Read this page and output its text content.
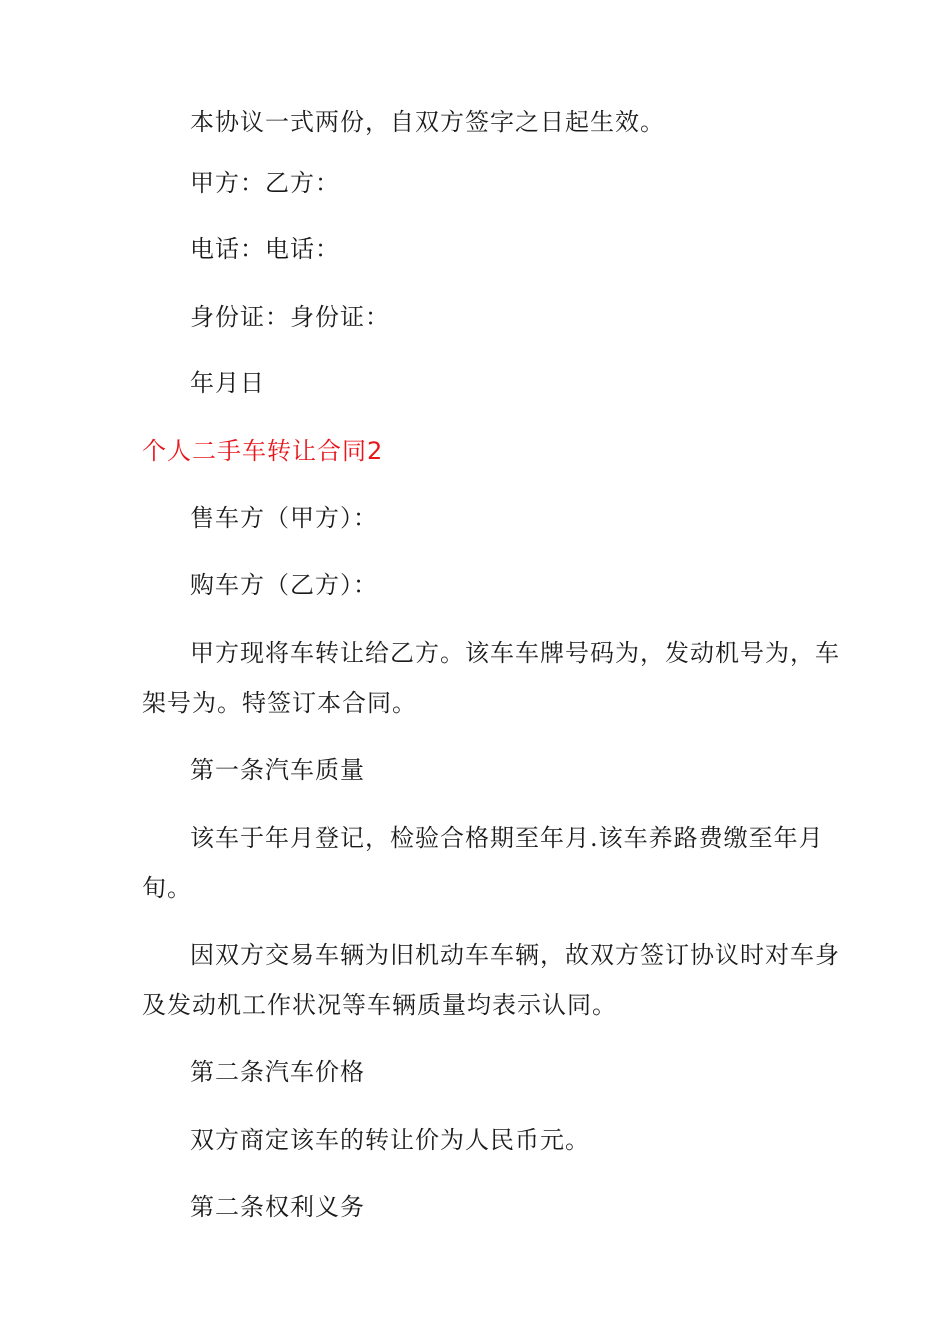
本协议一式两份，自双方签字之日起生效。
甲方：乙方：
电话：电话：
身份证：身份证：
年月日
个人二手车转让合同2
售车方（甲方）：
购车方（乙方）：
甲方现将车转让给乙方。该车车牌号码为，发动机号为，车
架号为。特签订本合同。
第一条汽车质量
该车于年月登记，检验合格期至年月.该车养路费缴至年月
旬。
因双方交易车辆为旧机动车车辆，故双方签订协议时对车身
及发动机工作状况等车辆质量均表示认同。
第二条汽车价格
双方商定该车的转让价为人民币元。
第二条权利义务
